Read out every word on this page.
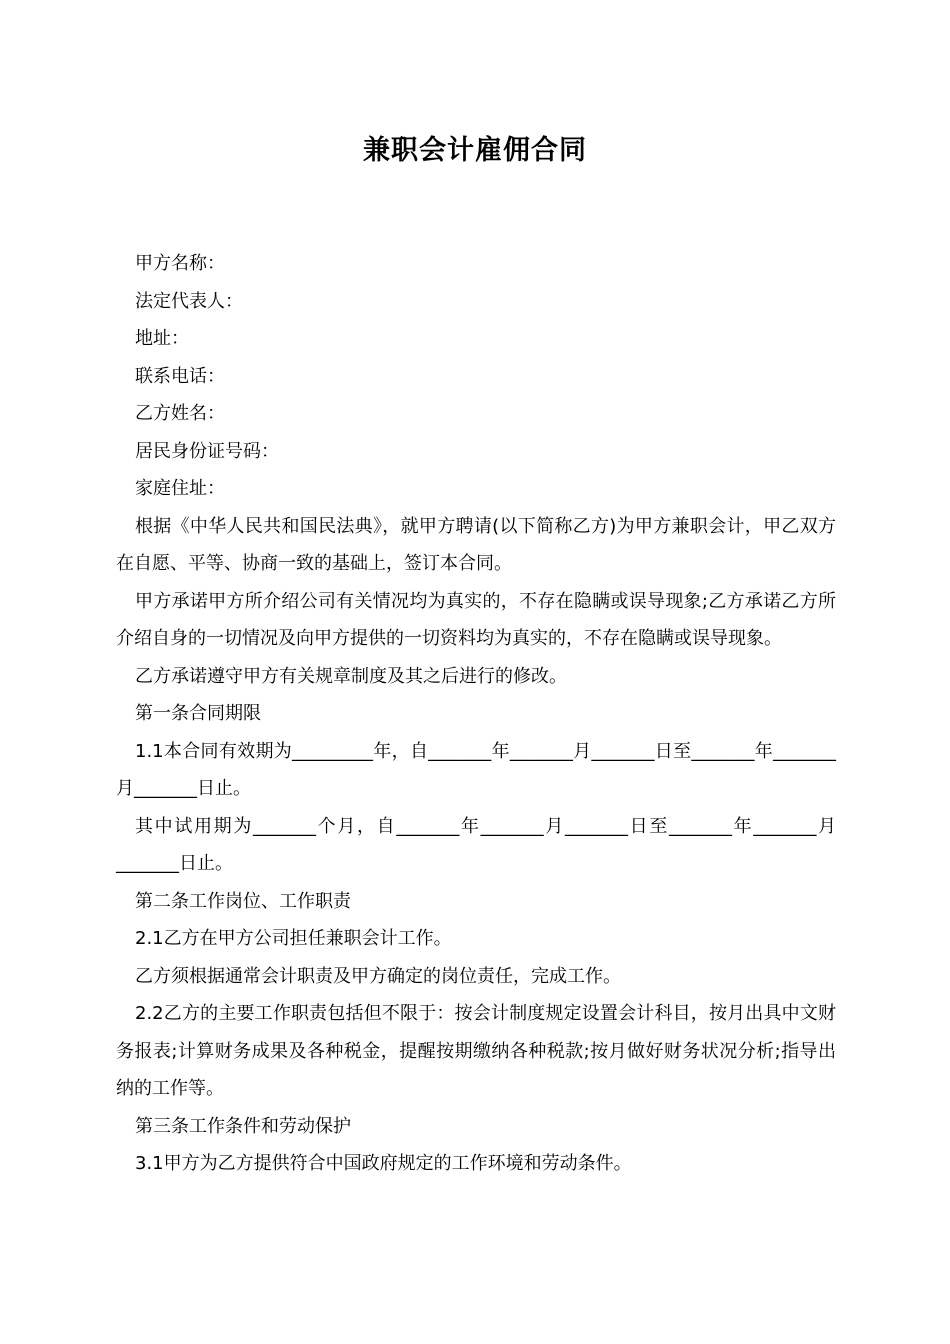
兼职会计雇佣合同

甲方名称：

法定代表人：

地址：

联系电话：

乙方姓名：

居民身份证号码：

家庭住址：

根据《中华人民共和国民法典》，就甲方聘请(以下简称乙方)为甲方兼职会计，甲乙双方在自愿、平等、协商一致的基础上，签订本合同。

甲方承诺甲方所介绍公司有关情况均为真实的，不存在隐瞒或误导现象;乙方承诺乙方所介绍自身的一切情况及向甲方提供的一切资料均为真实的，不存在隐瞒或误导现象。

乙方承诺遵守甲方有关规章制度及其之后进行的修改。

第一条合同期限

1.1本合同有效期为_________年，自_______年_______月_______日至_______年_______月_______日止。

其中试用期为_______个月，自_______年_______月_______日至_______年_______月_______日止。

第二条工作岗位、工作职责

2.1乙方在甲方公司担任兼职会计工作。

乙方须根据通常会计职责及甲方确定的岗位责任，完成工作。

2.2乙方的主要工作职责包括但不限于：按会计制度规定设置会计科目，按月出具中文财务报表;计算财务成果及各种税金，提醒按期缴纳各种税款;按月做好财务状况分析;指导出纳的工作等。

第三条工作条件和劳动保护

3.1甲方为乙方提供符合中国政府规定的工作环境和劳动条件。
